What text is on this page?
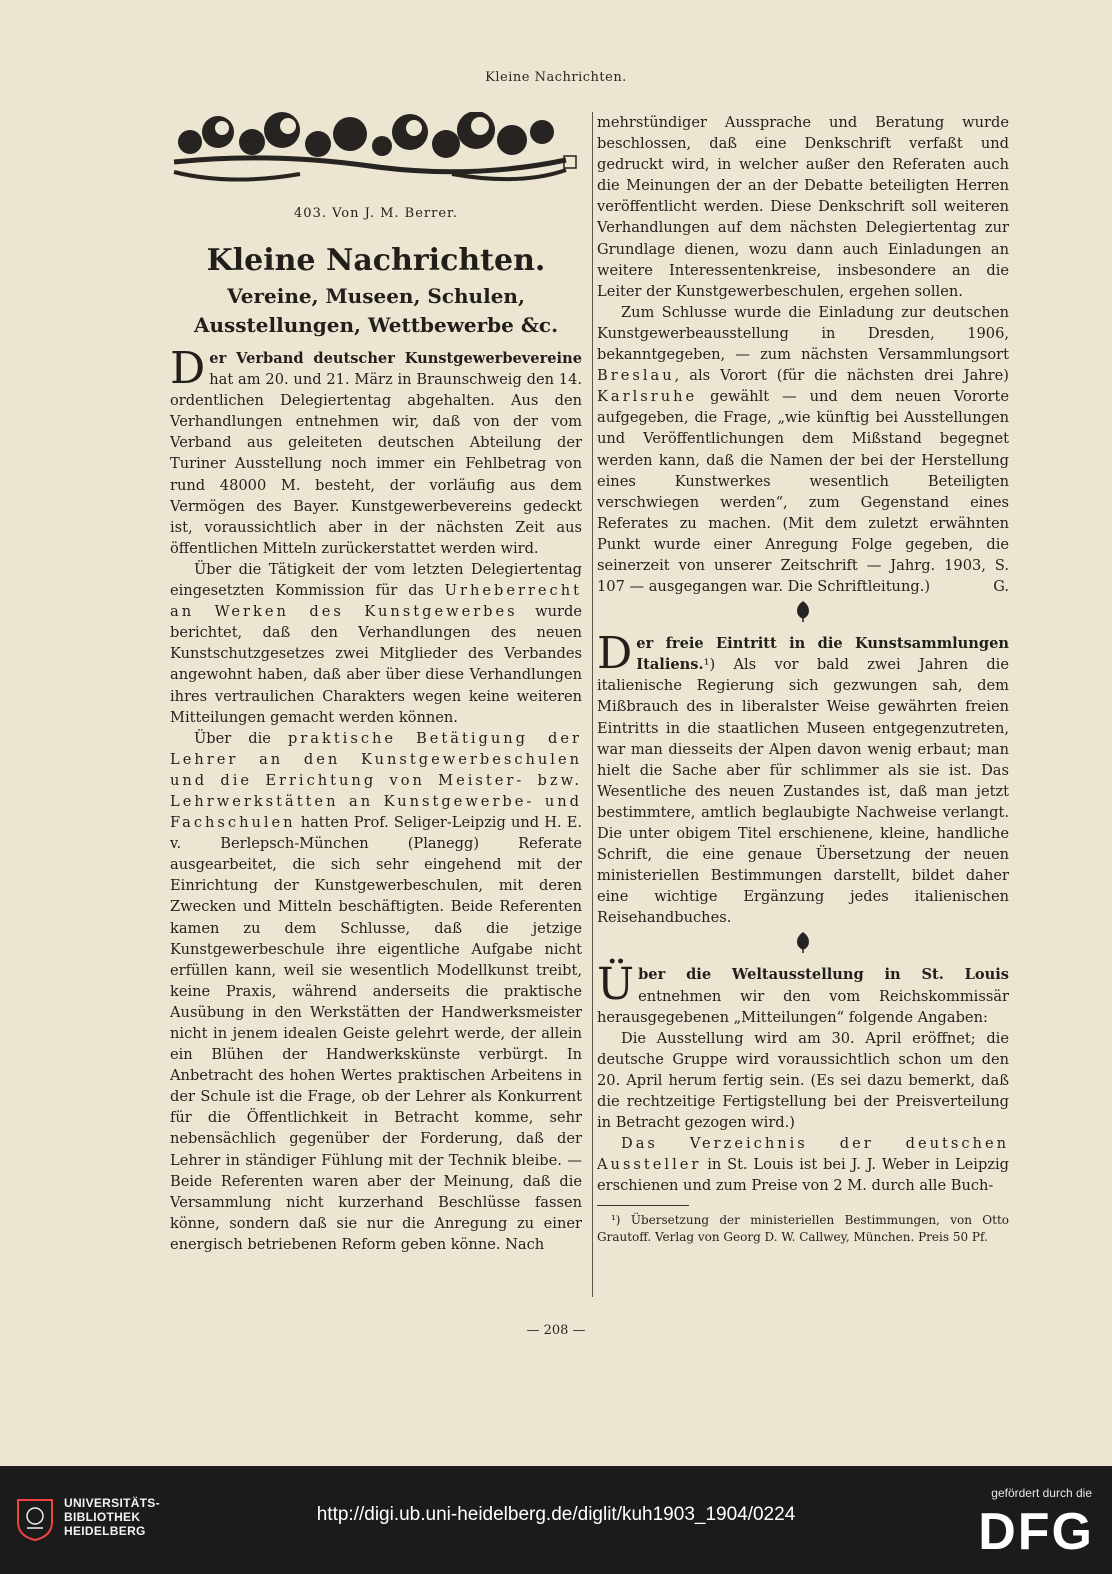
Kleine Nachrichten.
403. Von J. M. Berrer.
Kleine Nachrichten.
Vereine, Museen, Schulen, Ausstellungen, Wettbewerbe &c.

Der Verband deutscher Kunstgewerbevereine hat am 20. und 21. März in Braunschweig den 14. ordentlichen Delegiertentag abgehalten. Aus den Verhandlungen entnehmen wir, daß von der vom Verband aus geleiteten deutschen Abteilung der Turiner Ausstellung noch immer ein Fehlbetrag von rund 48000 M. besteht, der vorläufig aus dem Vermögen des Bayer. Kunstgewerbevereins gedeckt ist, voraussichtlich aber in der nächsten Zeit aus öffentlichen Mitteln zurückerstattet werden wird.

Über die Tätigkeit der vom letzten Delegiertentag eingesetzten Kommission für das Urheberrecht an Werken des Kunstgewerbes wurde berichtet, daß den Verhandlungen des neuen Kunstschutzgesetzes zwei Mitglieder des Verbandes angewohnt haben, daß aber über diese Verhandlungen ihres vertraulichen Charakters wegen keine weiteren Mitteilungen gemacht werden können.

Über die praktische Betätigung der Lehrer an den Kunstgewerbeschulen und die Errichtung von Meister- bzw. Lehrwerkstätten an Kunstgewerbe- und Fachschulen hatten Prof. Seliger-Leipzig und H. E. v. Berlepsch-München (Planegg) Referate ausgearbeitet, die sich sehr eingehend mit der Einrichtung der Kunstgewerbeschulen, mit deren Zwecken und Mitteln beschäftigten. Beide Referenten kamen zu dem Schlusse, daß die jetzige Kunstgewerbeschule ihre eigentliche Aufgabe nicht erfüllen kann, weil sie wesentlich Modellkunst treibt, keine Praxis, während anderseits die praktische Ausübung in den Werkstätten der Handwerksmeister nicht in jenem idealen Geiste gelehrt werde, der allein ein Blühen der Handwerkskünste verbürgt. In Anbetracht des hohen Wertes praktischen Arbeitens in der Schule ist die Frage, ob der Lehrer als Konkurrent für die Öffentlichkeit in Betracht komme, sehr nebensächlich gegenüber der Forderung, daß der Lehrer in ständiger Fühlung mit der Technik bleibe. — Beide Referenten waren aber der Meinung, daß die Versammlung nicht kurzerhand Beschlüsse fassen könne, sondern daß sie nur die Anregung zu einer energisch betriebenen Reform geben könne. Nach

mehrstündiger Aussprache und Beratung wurde beschlossen, daß eine Denkschrift verfaßt und gedruckt wird, in welcher außer den Referaten auch die Meinungen der an der Debatte beteiligten Herren veröffentlicht werden. Diese Denkschrift soll weiteren Verhandlungen auf dem nächsten Delegiertentag zur Grundlage dienen, wozu dann auch Einladungen an weitere Interessentenkreise, insbesondere an die Leiter der Kunstgewerbeschulen, ergehen sollen.

Zum Schlusse wurde die Einladung zur deutschen Kunstgewerbeausstellung in Dresden, 1906, bekanntgegeben, — zum nächsten Versammlungsort Breslau, als Vorort (für die nächsten drei Jahre) Karlsruhe gewählt — und dem neuen Vororte aufgegeben, die Frage, „wie künftig bei Ausstellungen und Veröffentlichungen dem Mißstand begegnet werden kann, daß die Namen der bei der Herstellung eines Kunstwerkes wesentlich Beteiligten verschwiegen werden“, zum Gegenstand eines Referates zu machen. (Mit dem zuletzt erwähnten Punkt wurde einer Anregung Folge gegeben, die seinerzeit von unserer Zeitschrift — Jahrg. 1903, S. 107 — ausgegangen war. Die Schriftleitung.)	G.

Der freie Eintritt in die Kunstsammlungen Italiens.¹) Als vor bald zwei Jahren die italienische Regierung sich gezwungen sah, dem Mißbrauch des in liberalster Weise gewährten freien Eintritts in die staatlichen Museen entgegenzutreten, war man diesseits der Alpen davon wenig erbaut; man hielt die Sache aber für schlimmer als sie ist. Das Wesentliche des neuen Zustandes ist, daß man jetzt bestimmtere, amtlich beglaubigte Nachweise verlangt. Die unter obigem Titel erschienene, kleine, handliche Schrift, die eine genaue Übersetzung der neuen ministeriellen Bestimmungen darstellt, bildet daher eine wichtige Ergänzung jedes italienischen Reisehandbuches.

Über die Weltausstellung in St. Louis entnehmen wir den vom Reichskommissär herausgegebenen „Mitteilungen“ folgende Angaben:

Die Ausstellung wird am 30. April eröffnet; die deutsche Gruppe wird voraussichtlich schon um den 20. April herum fertig sein. (Es sei dazu bemerkt, daß die rechtzeitige Fertigstellung bei der Preisverteilung in Betracht gezogen wird.)

Das Verzeichnis der deutschen Aussteller in St. Louis ist bei J. J. Weber in Leipzig erschienen und zum Preise von 2 M. durch alle Buch-

¹) Übersetzung der ministeriellen Bestimmungen, von Otto Grautoff. Verlag von Georg D. W. Callwey, München. Preis 50 Pf.

— 208 —
UNIVERSITÄTS-
BIBLIOTHEK
HEIDELBERG
http://digi.ub.uni-heidelberg.de/diglit/kuh1903_1904/0224
gefördert durch die
DFG
